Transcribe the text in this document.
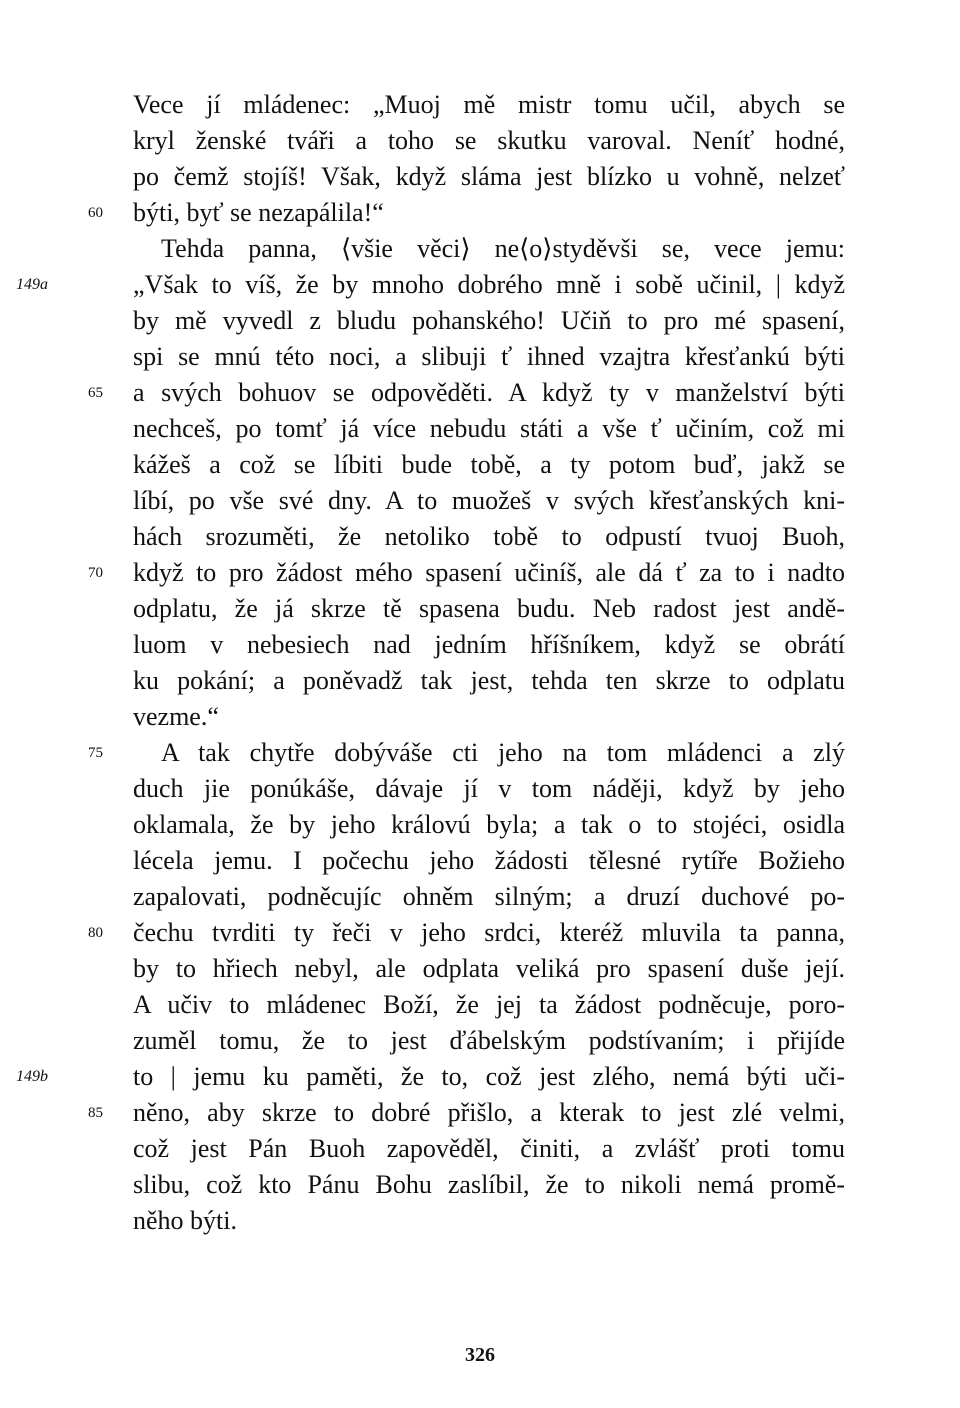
Vece jí mládenec: „Muoj mě mistr tomu učil, abych se
kryl ženské tváři a toho se skutku varoval. Neníť hodné,
po čemž stojíš! Však, když sláma jest blízko u vohně, nelzeť
býti, byť se nezapálila!“
Tehda panna, ⟨všie věci⟩ ne⟨o⟩styděvši se, vece jemu:
„Však to víš, že by mnoho dobrého mně i sobě učinil, | když
by mě vyvedl z bludu pohanského! Učiň to pro mé spasení,
spi se mnú této noci, a slibuji ť ihned vzajtra křesťankú býti
a svých bohuov se odpověděti. A když ty v manželství býti
nechceš, po tomť já více nebudu státi a vše ť učiním, což mi
kážeš a což se líbiti bude tobě, a ty potom buď, jakž se
líbí, po vše své dny. A to muožeš v svých křesťanských kni-
hách srozuměti, že netoliko tobě to odpustí tvuoj Buoh,
když to pro žádost mého spasení učiníš, ale dá ť za to i nadto
odplatu, že já skrze tě spasena budu. Neb radost jest andě-
luom v nebesiech nad jedním hříšníkem, když se obrátí
ku pokání; a poněvadž tak jest, tehda ten skrze to odplatu
vezme.“
A tak chytře dobýváše cti jeho na tom mládenci a zlý
duch jie ponúkáše, dávaje jí v tom náději, když by jeho
oklamala, že by jeho královú byla; a tak o to stojéci, osidla
lécela jemu. I počechu jeho žádosti tělesné rytíře Božieho
zapalovati, podněcujíc ohněm silným; a druzí duchové po-
čechu tvrditi ty řeči v jeho srdci, kteréž mluvila ta panna,
by to hřiech nebyl, ale odplata veliká pro spasení duše její.
A učiv to mládenec Boží, že jej ta žádost podněcuje, poro-
zuměl tomu, že to jest ďábelským podstívaním; i přijíde
to | jemu ku paměti, že to, což jest zlého, nemá býti uči-
něno, aby skrze to dobré přišlo, a kterak to jest zlé velmi,
což jest Pán Buoh zapověděl, činiti, a zvlášť proti tomu
slibu, což kto Pánu Bohu zaslíbil, že to nikoli nemá promě-
něho býti.
60
65
70
75
80
85
149a
149b
326
